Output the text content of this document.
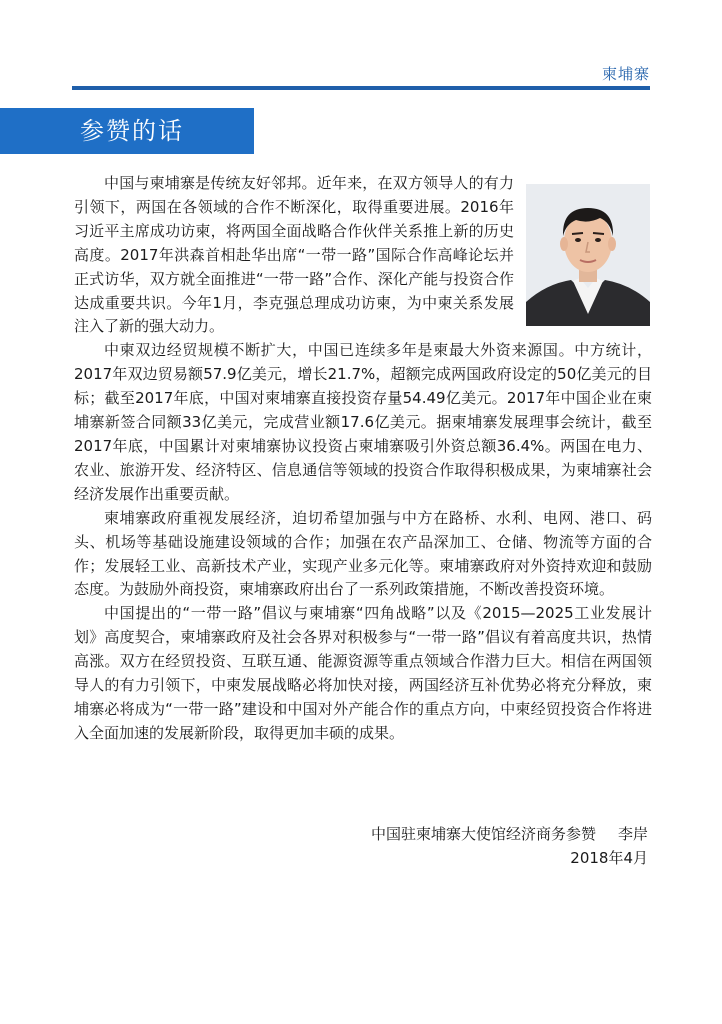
柬埔寨
参赞的话

中国与柬埔寨是传统友好邻邦。近年来，在双方领导人的有力引领下，两国在各领域的合作不断深化，取得重要进展。2016年习近平主席成功访柬，将两国全面战略合作伙伴关系推上新的历史高度。2017年洪森首相赴华出席“一带一路”国际合作高峰论坛并正式访华，双方就全面推进“一带一路”合作、深化产能与投资合作达成重要共识。今年1月，李克强总理成功访柬，为中柬关系发展注入了新的强大动力。

中柬双边经贸规模不断扩大，中国已连续多年是柬最大外资来源国。中方统计，2017年双边贸易额57.9亿美元，增长21.7%，超额完成两国政府设定的50亿美元的目标；截至2017年底，中国对柬埔寨直接投资存量54.49亿美元。2017年中国企业在柬埔寨新签合同额33亿美元，完成营业额17.6亿美元。据柬埔寨发展理事会统计，截至2017年底，中国累计对柬埔寨协议投资占柬埔寨吸引外资总额36.4%。两国在电力、农业、旅游开发、经济特区、信息通信等领域的投资合作取得积极成果，为柬埔寨社会经济发展作出重要贡献。

柬埔寨政府重视发展经济，迫切希望加强与中方在路桥、水利、电网、港口、码头、机场等基础设施建设领域的合作；加强在农产品深加工、仓储、物流等方面的合作；发展轻工业、高新技术产业，实现产业多元化等。柬埔寨政府对外资持欢迎和鼓励态度。为鼓励外商投资，柬埔寨政府出台了一系列政策措施，不断改善投资环境。

中国提出的“一带一路”倡议与柬埔寨“四角战略”以及《2015—2025工业发展计划》高度契合，柬埔寨政府及社会各界对积极参与“一带一路”倡议有着高度共识，热情高涨。双方在经贸投资、互联互通、能源资源等重点领域合作潜力巨大。相信在两国领导人的有力引领下，中柬发展战略必将加快对接，两国经济互补优势必将充分释放，柬埔寨必将成为“一带一路”建设和中国对外产能合作的重点方向，中柬经贸投资合作将进入全面加速的发展新阶段，取得更加丰硕的成果。

中国驻柬埔寨大使馆经济商务参赞 李岸
2018年4月
